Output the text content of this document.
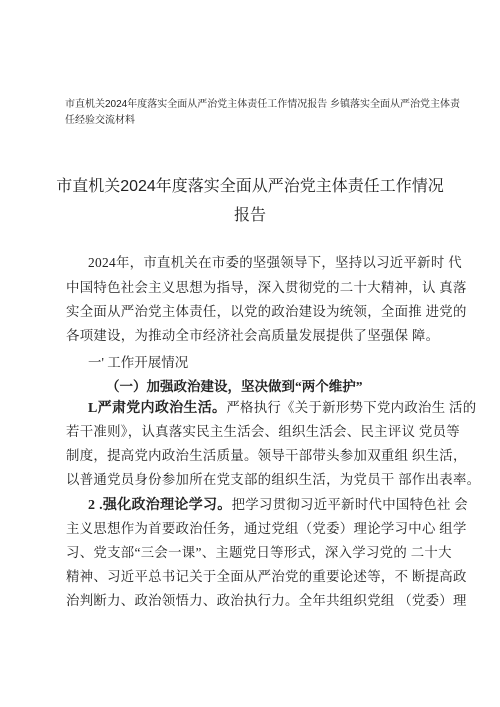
市直机关2024年度落实全面从严治党主体责任工作情况报告 乡镇落实全面从严治党主体责
任经验交流材料
市直机关2024年度落实全面从严治党主体责任工作情况
报告
2024年，市直机关在市委的坚强领导下，坚持以习近平新时 代
中国特色社会主义思想为指导，深入贯彻党的二十大精神，认 真落
实全面从严治党主体责任，以党的政治建设为统领，全面推 进党的
各项建设，为推动全市经济社会高质量发展提供了坚强保 障。
一' 工作开展情况
（一）加强政治建设，坚决做到“两个维护”
L严肃党内政治生活。严格执行《关于新形势下党内政治生 活的
若干准则》，认真落实民主生活会、组织生活会、民主评议 党员等
制度，提高党内政治生活质量。领导干部带头参加双重组 织生活，
以普通党员身份参加所在党支部的组织生活，为党员干 部作出表率。
2 .强化政治理论学习。把学习贯彻习近平新时代中国特色社 会
主义思想作为首要政治任务，通过党组（党委）理论学习中心 组学
习、党支部“三会一课”、主题党日等形式，深入学习党的 二十大
精神、习近平总书记关于全面从严治党的重要论述等，不 断提高政
治判断力、政治领悟力、政治执行力。全年共组织党组 （党委）理
